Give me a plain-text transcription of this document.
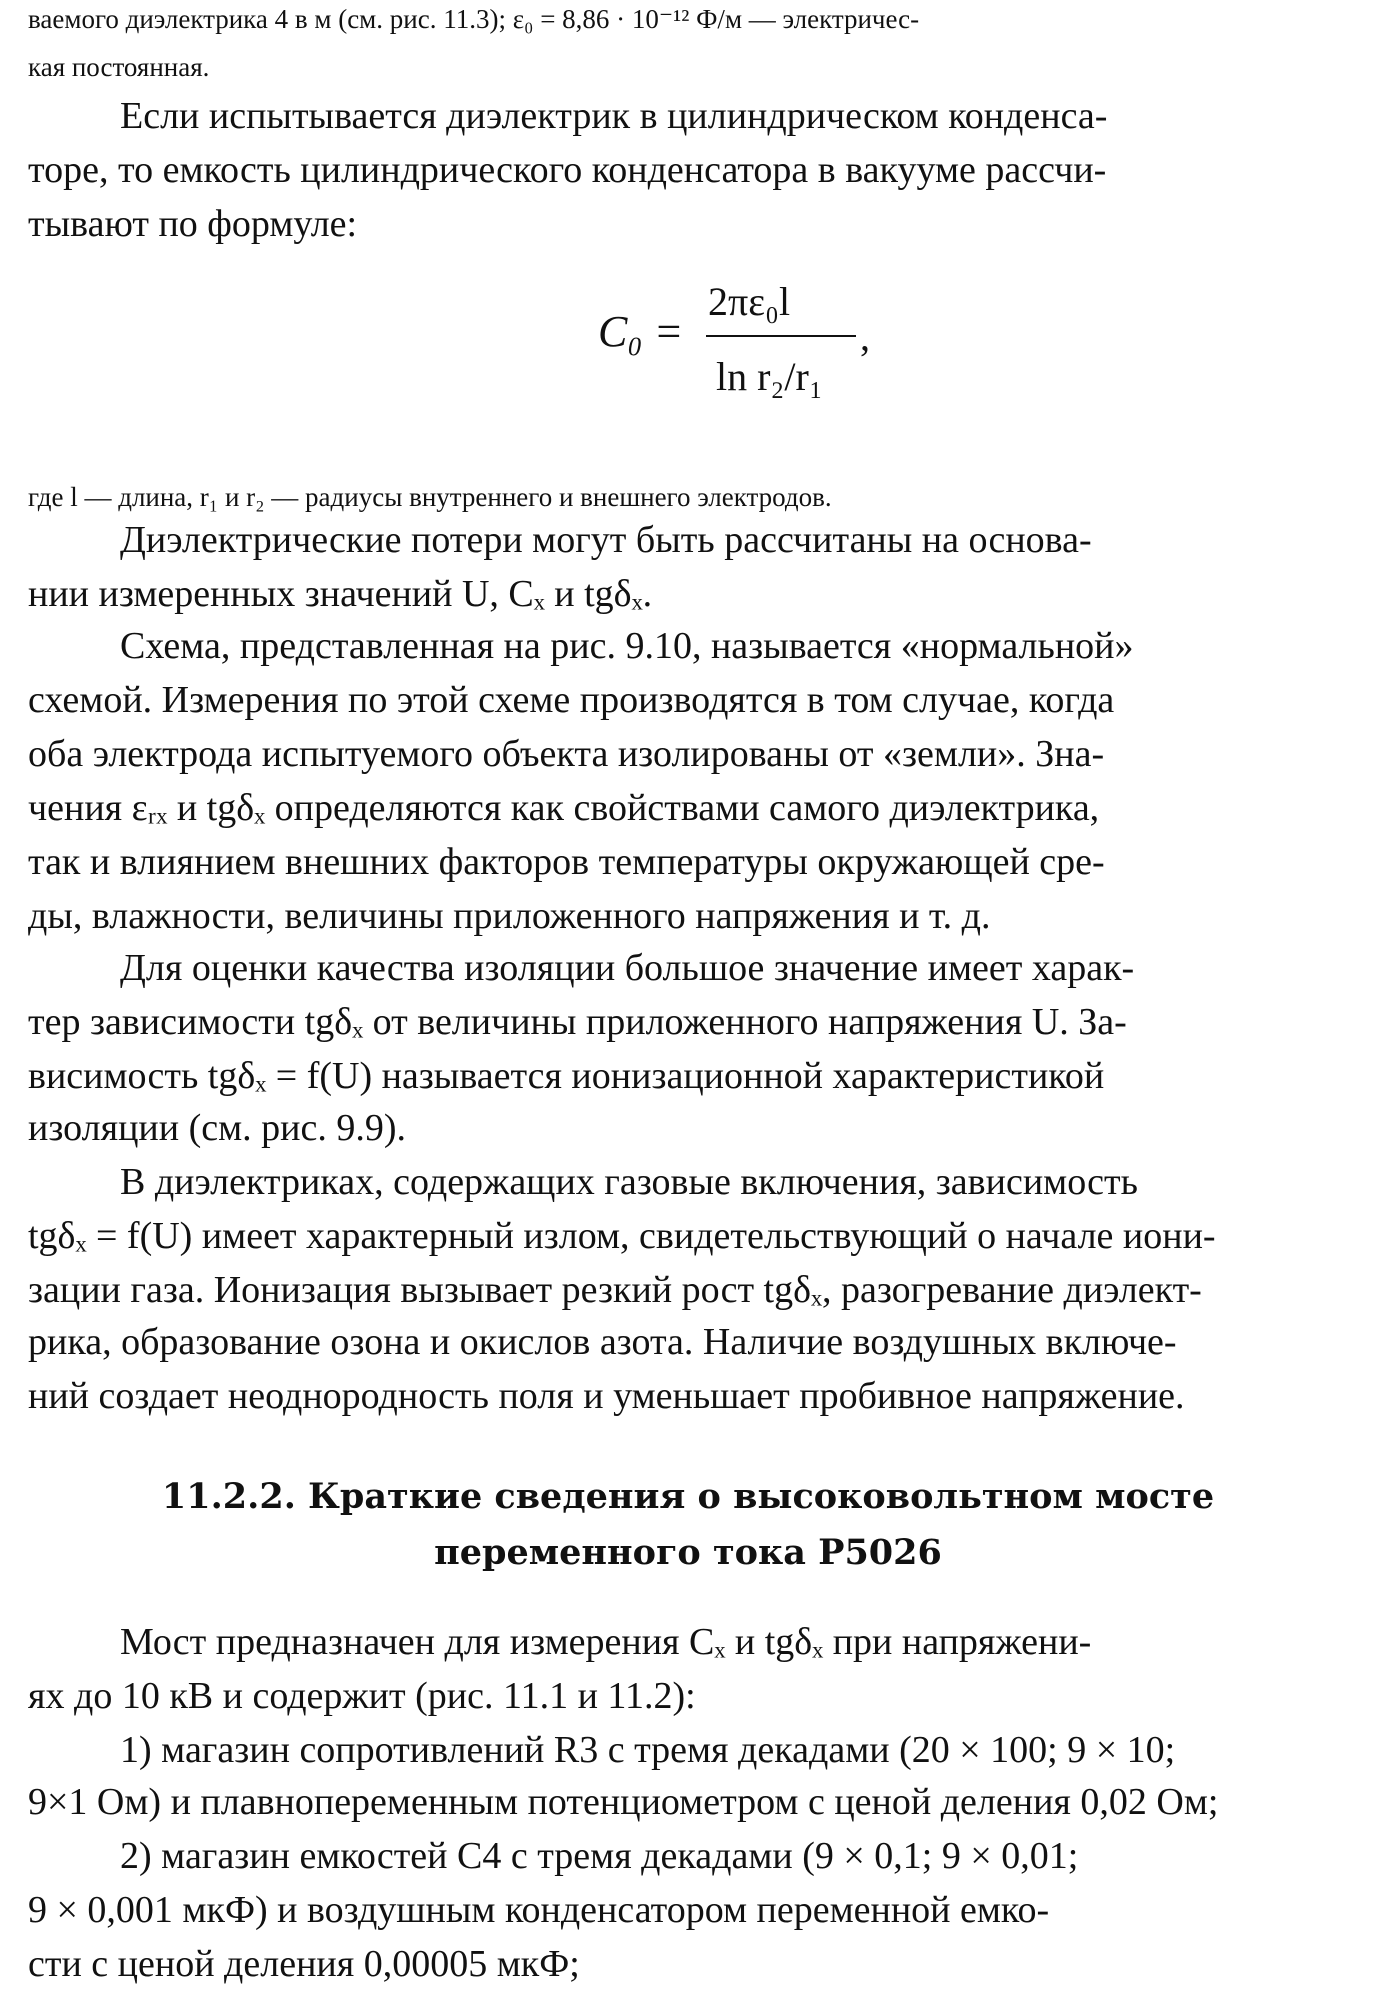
C₀ =
2πε₀l
ln r₂/r₁
,
ваемого диэлектрика 4 в м (см. рис. 11.3); ε₀ = 8,86 · 10⁻¹² Ф/м — электричес-
кая постоянная.
Если испытывается диэлектрик в цилиндрическом конденса-
торе, то емкость цилиндрического конденсатора в вакууме рассчи-
тывают по формуле:
где l — длина, r₁ и r₂ — радиусы внутреннего и внешнего электродов.
Диэлектрические потери могут быть рассчитаны на основа-
нии измеренных значений U, Cₓ и tgδₓ.
Схема, представленная на рис. 9.10, называется «нормальной»
схемой. Измерения по этой схеме производятся в том случае, когда
оба электрода испытуемого объекта изолированы от «земли». Зна-
чения εᵣₓ и tgδₓ определяются как свойствами самого диэлектрика,
так и влиянием внешних факторов температуры окружающей сре-
ды, влажности, величины приложенного напряжения и т. д.
Для оценки качества изоляции большое значение имеет харак-
тер зависимости tgδₓ от величины приложенного напряжения U. За-
висимость tgδₓ = f(U) называется ионизационной характеристикой
изоляции (см. рис. 9.9).
В диэлектриках, содержащих газовые включения, зависимость
tgδₓ = f(U) имеет характерный излом, свидетельствующий о начале иони-
зации газа. Ионизация вызывает резкий рост tgδₓ, разогревание диэлект-
рика, образование озона и окислов азота. Наличие воздушных включе-
ний создает неоднородность поля и уменьшает пробивное напряжение.
11.2.2. Краткие сведения о высоковольтном мосте
переменного тока Р5026
Мост предназначен для измерения Cₓ и tgδₓ при напряжени-
ях до 10 кВ и содержит (рис. 11.1 и 11.2):
1) магазин сопротивлений R3 с тремя декадами (20 × 100; 9 × 10;
9×1 Ом) и плавнопеременным потенциометром с ценой деления 0,02 Ом;
2) магазин емкостей C4 с тремя декадами (9 × 0,1; 9 × 0,01;
9 × 0,001 мкФ) и воздушным конденсатором переменной емко-
сти с ценой деления 0,00005 мкФ;
